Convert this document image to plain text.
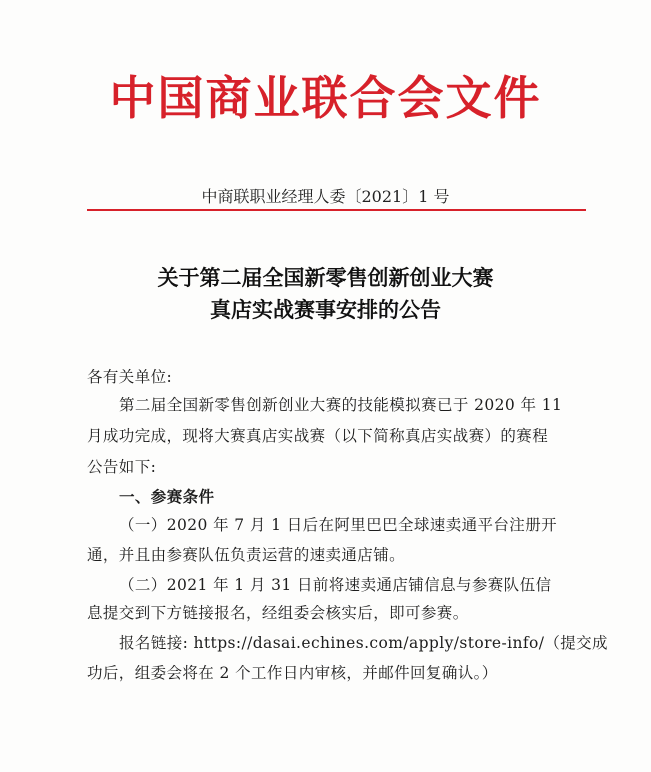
中国商业联合会文件
中商联职业经理人委〔2021〕1 号
关于第二届全国新零售创新创业大赛
真店实战赛事安排的公告
各有关单位:
第二届全国新零售创新创业大赛的技能模拟赛已于 2020 年 11
月成功完成，现将大赛真店实战赛（以下简称真店实战赛）的赛程
公告如下:
一、参赛条件
（一）2020 年 7 月 1 日后在阿里巴巴全球速卖通平台注册开
通，并且由参赛队伍负责运营的速卖通店铺。
（二）2021 年 1 月 31 日前将速卖通店铺信息与参赛队伍信
息提交到下方链接报名，经组委会核实后，即可参赛。
报名链接: https://dasai.echines.com/apply/store-info/（提交成
功后，组委会将在 2 个工作日内审核，并邮件回复确认。）
